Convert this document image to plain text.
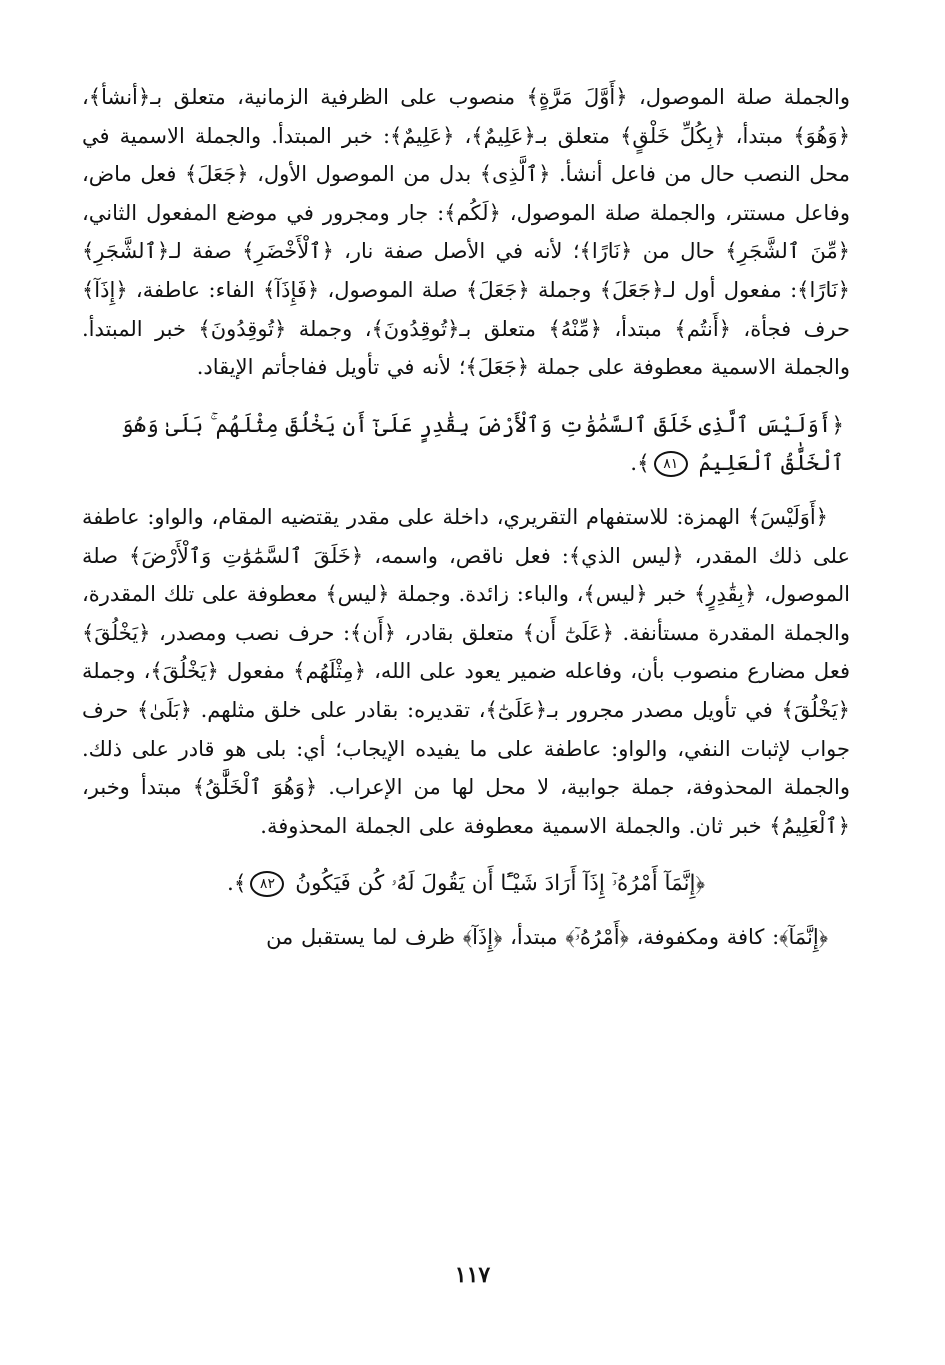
والجملة صلة الموصول، ﴿أَوَّلَ مَرَّةٍ﴾ منصوب على الظرفية الزمانية، متعلق بـ﴿أنشأ﴾، ﴿وَهُوَ﴾ مبتدأ، ﴿بِكُلِّ خَلْقٍ﴾ متعلق بـ﴿عَلِيمٌ﴾، ﴿عَلِيمٌ﴾: خبر المبتدأ. والجملة الاسمية في محل النصب حال من فاعل أنشأ. ﴿ٱلَّذِى﴾ بدل من الموصول الأول، ﴿جَعَلَ﴾ فعل ماض، وفاعل مستتر، والجملة صلة الموصول، ﴿لَكُم﴾: جار ومجرور في موضع المفعول الثاني، ﴿مِّنَ ٱلشَّجَرِ﴾ حال من ﴿نَارًا﴾؛ لأنه في الأصل صفة نار، ﴿ٱلْأَخْضَرِ﴾ صفة لـ﴿ٱلشَّجَرِ﴾ ﴿نَارًا﴾: مفعول أول لـ﴿جَعَلَ﴾ وجملة ﴿جَعَلَ﴾ صلة الموصول، ﴿فَإِذَآ﴾ الفاء: عاطفة، ﴿إِذَآ﴾ حرف فجأة، ﴿أَنتُم﴾ مبتدأ، ﴿مِّنْهُ﴾ متعلق بـ﴿تُوقِدُونَ﴾، وجملة ﴿تُوقِدُونَ﴾ خبر المبتدأ. والجملة الاسمية معطوفة على جملة ﴿جَعَلَ﴾؛ لأنه في تأويل ففاجأتم الإيقاد.

﴿أَوَلَيْسَ ٱلَّذِى خَلَقَ ٱلسَّمَٰوَٰتِ وَٱلْأَرْضَ بِقَٰدِرٍ عَلَىٰٓ أَن يَخْلُقَ مِثْلَهُم ۚ بَلَىٰ وَهُوَ ٱلْخَلَّٰقُ ٱلْعَلِيمُ ٨١﴾.

﴿أَوَلَيْسَ﴾ الهمزة: للاستفهام التقريري، داخلة على مقدر يقتضيه المقام، والواو: عاطفة على ذلك المقدر، ﴿ليس الذي﴾: فعل ناقص، واسمه، ﴿خَلَقَ ٱلسَّمَٰوَٰتِ وَٱلْأَرْضَ﴾ صلة الموصول، ﴿بِقَٰدِرٍ﴾ خبر ﴿ليس﴾، والباء: زائدة. وجملة ﴿ليس﴾ معطوفة على تلك المقدرة، والجملة المقدرة مستأنفة. ﴿عَلَىٰٓ أَن﴾ متعلق بقادر، ﴿أَن﴾: حرف نصب ومصدر، ﴿يَخْلُقَ﴾ فعل مضارع منصوب بأن، وفاعله ضمير يعود على الله، ﴿مِثْلَهُم﴾ مفعول ﴿يَخْلُقَ﴾، وجملة ﴿يَخْلُقَ﴾ في تأويل مصدر مجرور بـ﴿عَلَىٰٓ﴾، تقديره: بقادر على خلق مثلهم. ﴿بَلَىٰ﴾ حرف جواب لإثبات النفي، والواو: عاطفة على ما يفيده الإيجاب؛ أي: بلى هو قادر على ذلك. والجملة المحذوفة، جملة جوابية، لا محل لها من الإعراب. ﴿وَهُوَ ٱلْخَلَّٰقُ﴾ مبتدأ وخبر، ﴿ٱلْعَلِيمُ﴾ خبر ثان. والجملة الاسمية معطوفة على الجملة المحذوفة.

﴿إِنَّمَآ أَمْرُهُۥٓ إِذَآ أَرَادَ شَيْـًٔا أَن يَقُولَ لَهُۥ كُن فَيَكُونُ ٨٢﴾.

﴿إِنَّمَآ﴾: كافة ومكفوفة، ﴿أَمْرُهُۥٓ﴾ مبتدأ، ﴿إِذَآ﴾ ظرف لما يستقبل من

١١٧
